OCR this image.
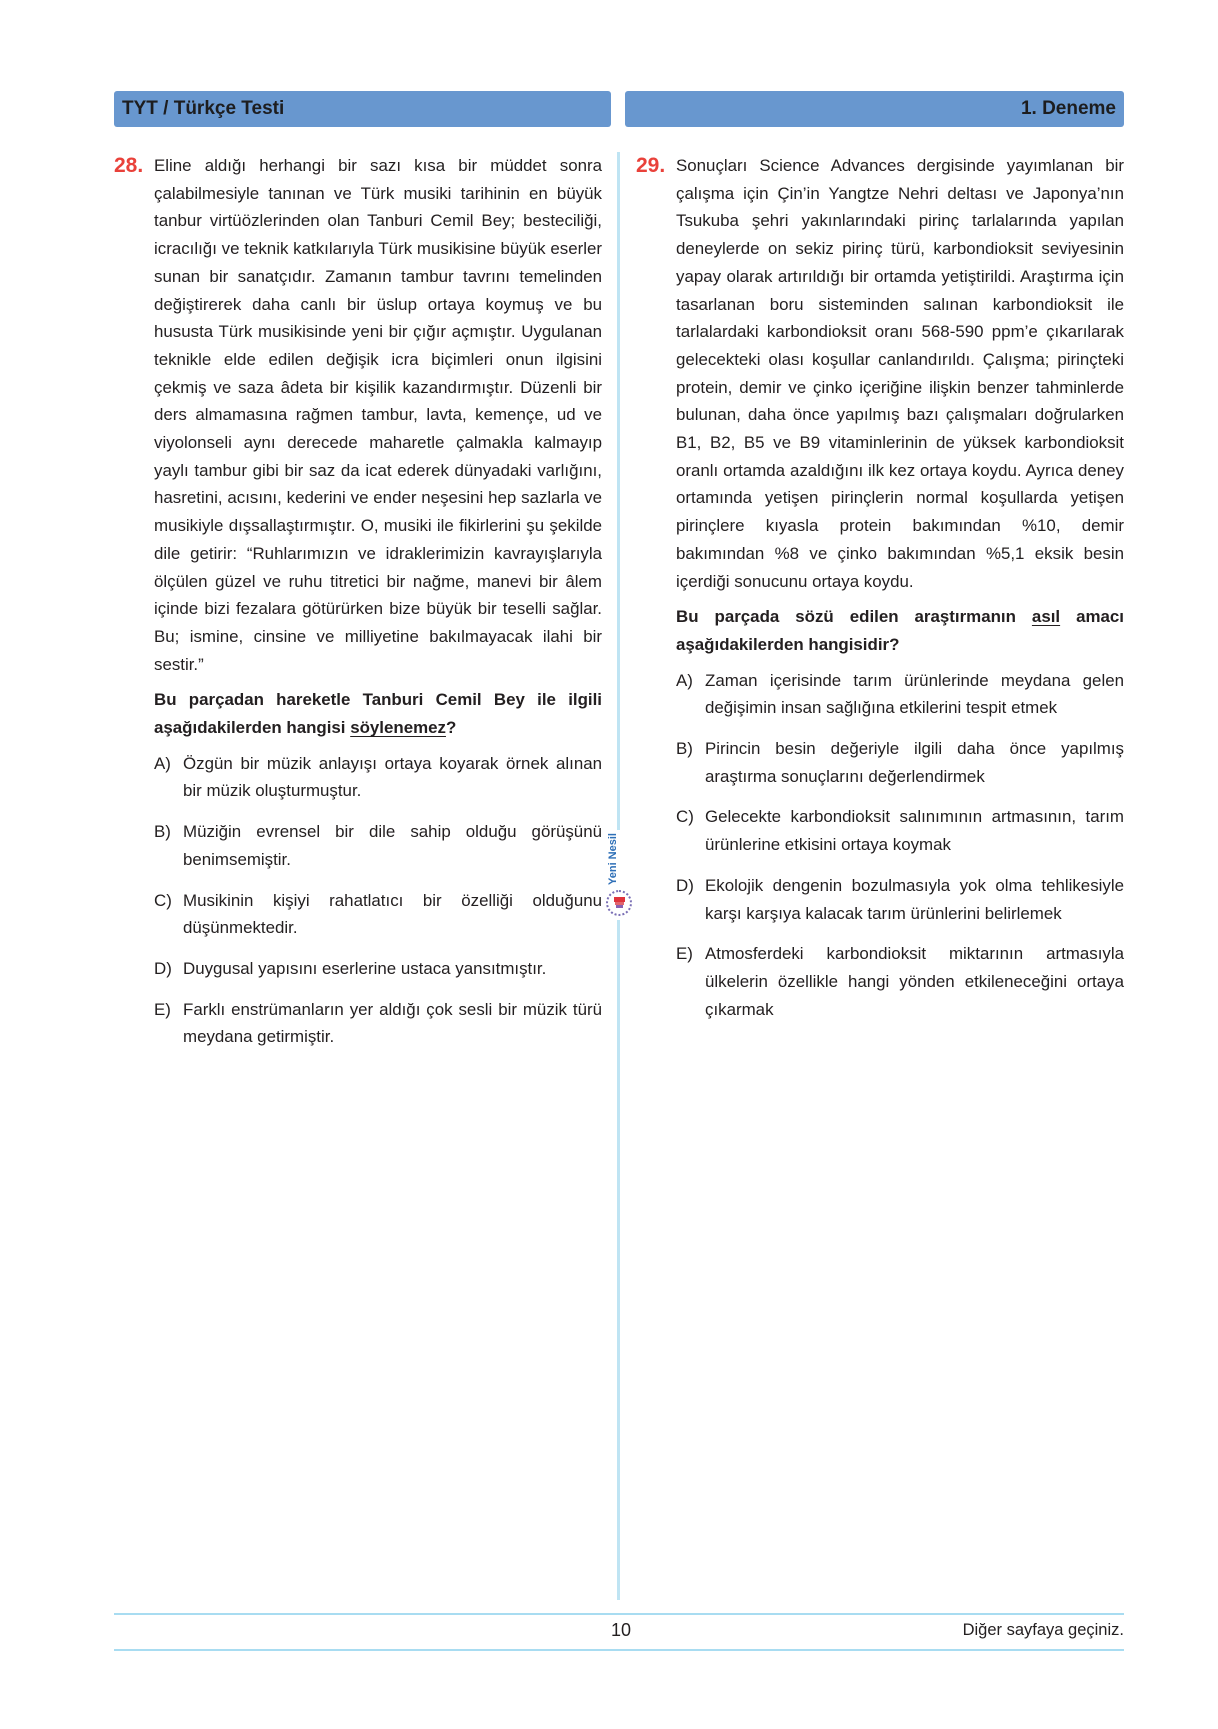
TYT / Türkçe Testi	1. Deneme
Yeni Nesil
28. Eline aldığı herhangi bir sazı kısa bir müddet sonra çalabilmesiyle tanınan ve Türk musiki tarihinin en büyük tanbur virtüözlerinden olan Tanburi Cemil Bey; besteciliği, icracılığı ve teknik katkılarıyla Türk musikisine büyük eserler sunan bir sanatçıdır. Zamanın tambur tavrını temelinden değiştirerek daha canlı bir üslup ortaya koymuş ve bu hususta Türk musikisinde yeni bir çığır açmıştır. Uygulanan teknikle elde edilen değişik icra biçimleri onun ilgisini çekmiş ve saza âdeta bir kişilik kazandırmıştır. Düzenli bir ders almamasına rağmen tambur, lavta, kemençe, ud ve viyolonseli aynı derecede maharetle çalmakla kalmayıp yaylı tambur gibi bir saz da icat ederek dünyadaki varlığını, hasretini, acısını, kederini ve ender neşesini hep sazlarla ve musikiyle dışsallaştırmıştır. O, musiki ile fikirlerini şu şekilde dile getirir: “Ruhlarımızın ve idraklerimizin kavrayışlarıyla ölçülen güzel ve ruhu titretici bir nağme, manevi bir âlem içinde bizi fezalara götürürken bize büyük bir teselli sağlar. Bu; ismine, cinsine ve milliyetine bakılmayacak ilahi bir sestir.”
Bu parçadan hareketle Tanburi Cemil Bey ile ilgili aşağıdakilerden hangisi söylenemez?
A) Özgün bir müzik anlayışı ortaya koyarak örnek alınan bir müzik oluşturmuştur.
B) Müziğin evrensel bir dile sahip olduğu görüşünü benimsemiştir.
C) Musikinin kişiyi rahatlatıcı bir özelliği olduğunu düşünmektedir.
D) Duygusal yapısını eserlerine ustaca yansıtmıştır.
E) Farklı enstrümanların yer aldığı çok sesli bir müzik türü meydana getirmiştir.
29. Sonuçları Science Advances dergisinde yayımlanan bir çalışma için Çin’in Yangtze Nehri deltası ve Japonya’nın Tsukuba şehri yakınlarındaki pirinç tarlalarında yapılan deneylerde on sekiz pirinç türü, karbondioksit seviyesinin yapay olarak artırıldığı bir ortamda yetiştirildi. Araştırma için tasarlanan boru sisteminden salınan karbondioksit ile tarlalardaki karbondioksit oranı 568-590 ppm’e çıkarılarak gelecekteki olası koşullar canlandırıldı. Çalışma; pirinçteki protein, demir ve çinko içeriğine ilişkin benzer tahminlerde bulunan, daha önce yapılmış bazı çalışmaları doğrularken B1, B2, B5 ve B9 vitaminlerinin de yüksek karbondioksit oranlı ortamda azaldığını ilk kez ortaya koydu. Ayrıca deney ortamında yetişen pirinçlerin normal koşullarda yetişen pirinçlere kıyasla protein bakımından %10, demir bakımından %8 ve çinko bakımından %5,1 eksik besin içerdiği sonucunu ortaya koydu.
Bu parçada sözü edilen araştırmanın asıl amacı aşağıdakilerden hangisidir?
A) Zaman içerisinde tarım ürünlerinde meydana gelen değişimin insan sağlığına etkilerini tespit etmek
B) Pirincin besin değeriyle ilgili daha önce yapılmış araştırma sonuçlarını değerlendirmek
C) Gelecekte karbondioksit salınımının artmasının, tarım ürünlerine etkisini ortaya koymak
D) Ekolojik dengenin bozulmasıyla yok olma tehlikesiyle karşı karşıya kalacak tarım ürünlerini belirlemek
E) Atmosferdeki karbondioksit miktarının artmasıyla ülkelerin özellikle hangi yönden etkileneceğini ortaya çıkarmak
10	Diğer sayfaya geçiniz.
